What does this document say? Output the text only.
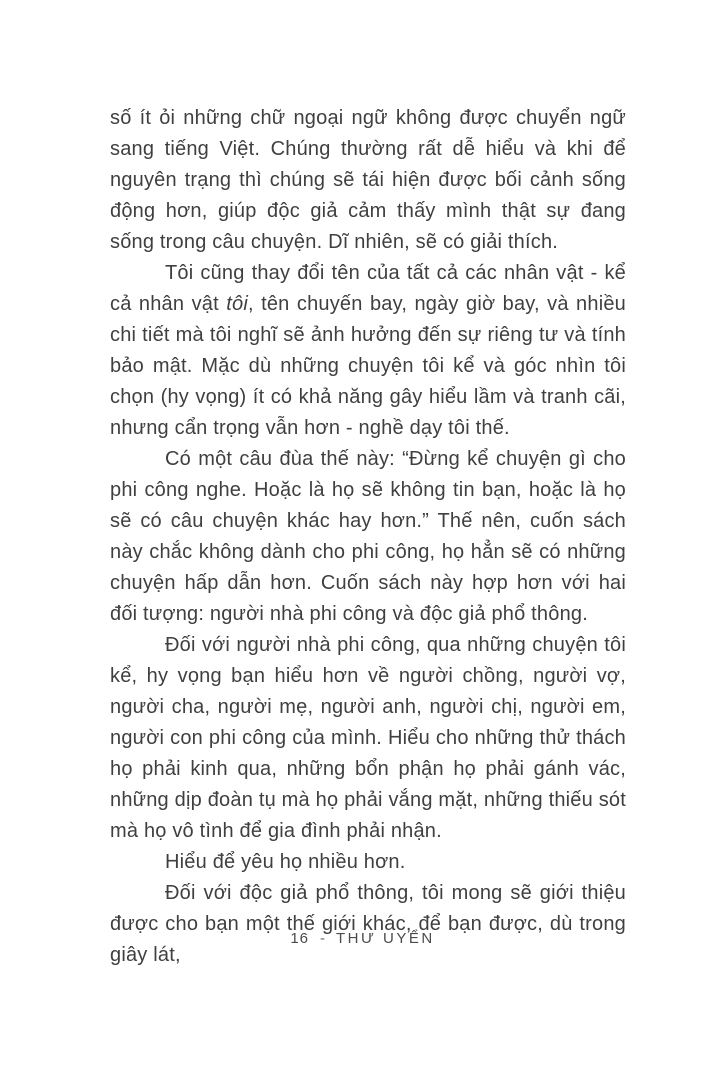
số ít ỏi những chữ ngoại ngữ không được chuyển ngữ sang tiếng Việt. Chúng thường rất dễ hiểu và khi để nguyên trạng thì chúng sẽ tái hiện được bối cảnh sống động hơn, giúp độc giả cảm thấy mình thật sự đang sống trong câu chuyện. Dĩ nhiên, sẽ có giải thích.

Tôi cũng thay đổi tên của tất cả các nhân vật - kể cả nhân vật tôi, tên chuyến bay, ngày giờ bay, và nhiều chi tiết mà tôi nghĩ sẽ ảnh hưởng đến sự riêng tư và tính bảo mật. Mặc dù những chuyện tôi kể và góc nhìn tôi chọn (hy vọng) ít có khả năng gây hiểu lầm và tranh cãi, nhưng cẩn trọng vẫn hơn - nghề dạy tôi thế.

Có một câu đùa thế này: “Đừng kể chuyện gì cho phi công nghe. Hoặc là họ sẽ không tin bạn, hoặc là họ sẽ có câu chuyện khác hay hơn.” Thế nên, cuốn sách này chắc không dành cho phi công, họ hẳn sẽ có những chuyện hấp dẫn hơn. Cuốn sách này hợp hơn với hai đối tượng: người nhà phi công và độc giả phổ thông.

Đối với người nhà phi công, qua những chuyện tôi kể, hy vọng bạn hiểu hơn về người chồng, người vợ, người cha, người mẹ, người anh, người chị, người em, người con phi công của mình. Hiểu cho những thử thách họ phải kinh qua, những bổn phận họ phải gánh vác, những dịp đoàn tụ mà họ phải vắng mặt, những thiếu sót mà họ vô tình để gia đình phải nhận.

Hiểu để yêu họ nhiều hơn.

Đối với độc giả phổ thông, tôi mong sẽ giới thiệu được cho bạn một thế giới khác, để bạn được, dù trong giây lát,

16 - THƯ UYỂN
